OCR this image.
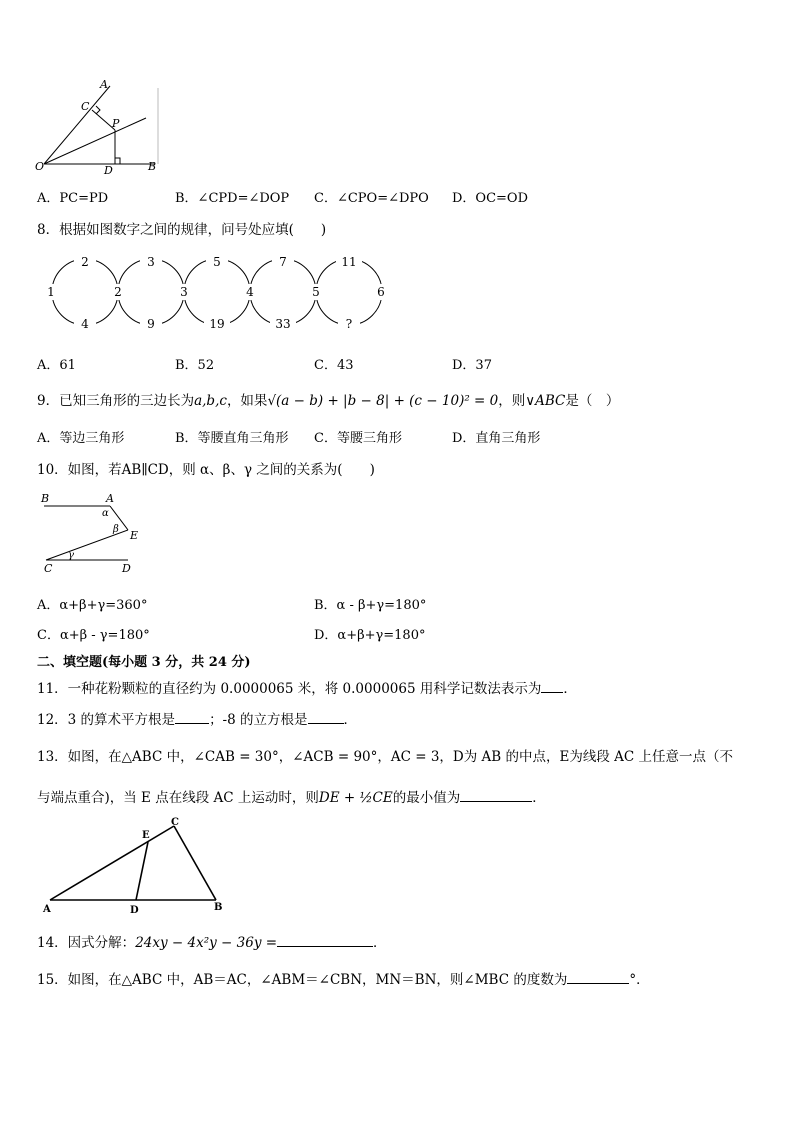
A
C
P
O	D	B
A．PC=PD	B．∠CPD=∠DOP C．∠CPO=∠DPO D．OC=OD
8．根据如图数字之间的规律，问号处应填(　　)
2	3	5	7	11
1	2	3	4	5	6
4	9	19	33	?
A．61	B．52	C．43	D．37
9．已知三角形的三边长为a,b,c，如果√(a − b) + |b − 8| + (c − 10)² = 0，则∨ABC是（　）
A．等边三角形	B．等腰直角三角形 C．等腰三角形	D．直角三角形
10．如图，若AB∥CD，则 α、β、γ 之间的关系为(　　)
B	A
α
β E
γ
C	D
A．α+β+γ=360°	B．α - β+γ=180°
C．α+β - γ=180°	D．α+β+γ=180°
二、填空题(每小题 3 分，共 24 分)
11．一种花粉颗粒的直径约为 0.0000065 米，将 0.0000065 用科学记数法表示为 ．
12．3 的算术平方根是	；-8 的立方根是	．
13．如图，在△ABC 中，∠CAB = 30°，∠ACB = 90°，AC = 3，D为 AB 的中点，E为线段 AC 上任意一点（不
与端点重合)，当 E 点在线段 AC 上运动时，则DE + ½CE的最小值为	．
A
E
C
D	B
14．因式分解：24xy − 4x²y − 36y =	．
15．如图，在△ABC 中，AB＝AC，∠ABM＝∠CBN，MN＝BN，则∠MBC 的度数为	°．
